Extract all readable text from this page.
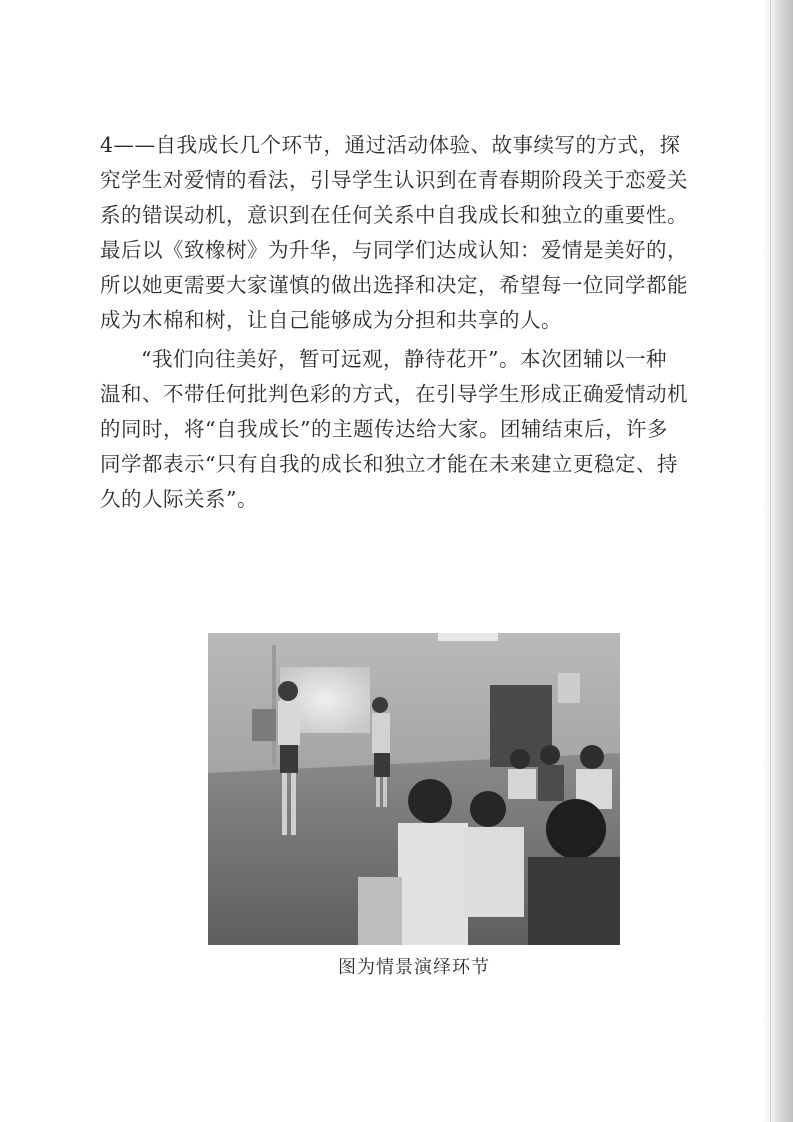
4——自我成长几个环节，通过活动体验、故事续写的方式，探
究学生对爱情的看法，引导学生认识到在青春期阶段关于恋爱关
系的错误动机，意识到在任何关系中自我成长和独立的重要性。
最后以《致橡树》为升华，与同学们达成认知：爱情是美好的，
所以她更需要大家谨慎的做出选择和决定，希望每一位同学都能
成为木棉和树，让自己能够成为分担和共享的人。
“我们向往美好，暂可远观，静待花开”。本次团辅以一种
温和、不带任何批判色彩的方式，在引导学生形成正确爱情动机
的同时，将“自我成长”的主题传达给大家。团辅结束后，许多
同学都表示“只有自我的成长和独立才能在未来建立更稳定、持
久的人际关系”。
图为情景演绎环节
